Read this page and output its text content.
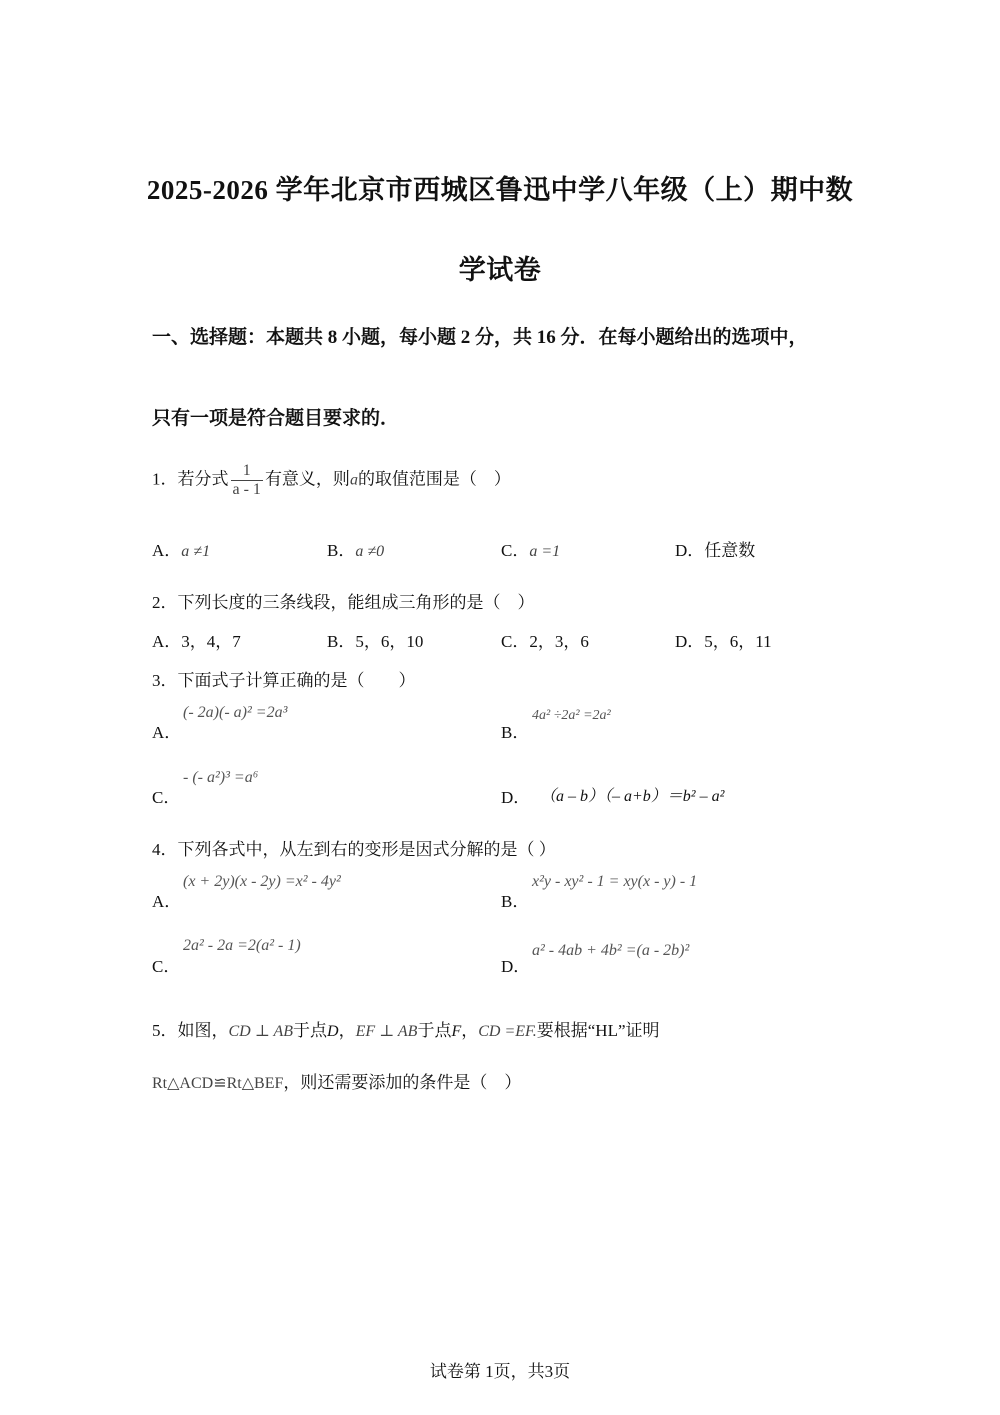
2025-2026 学年北京市西城区鲁迅中学八年级（上）期中数
学试卷
一、选择题：本题共 8 小题，每小题 2 分，共 16 分．在每小题给出的选项中，
只有一项是符合题目要求的．
1．若分式 $\frac{1}{a - 1}$ 有意义，则a的取值范围是（　）
A．a ≠1	B．a ≠0	C．a =1	D．任意数
2．下列长度的三条线段，能组成三角形的是（　）
A．3，4，7	B．5，6，10	C．2，3，6	D．5，6，11
3．下面式子计算正确的是（　　）
A．
(- 2a)(- a)² =2a³
B．
4a² ÷2a² =2a²
C．
- (- a²)³ =a⁶
D． （a – b）（– a+b）＝b² – a²
4．下列各式中，从左到右的变形是因式分解的是（ ）
A．
(x + 2y)(x - 2y) =x² - 4y²
B．
x²y - xy² - 1 = xy(x - y) - 1
C．
2a² - 2a =2(a² - 1)
D．
a² - 4ab + 4b² =(a - 2b)²
5．如图，CD ⊥ AB于点D，EF ⊥ AB于点F，CD =EF.要根据“HL”证明
Rt△ACD≌Rt△BEF，则还需要添加的条件是（　）
试卷第 1页，共3页
